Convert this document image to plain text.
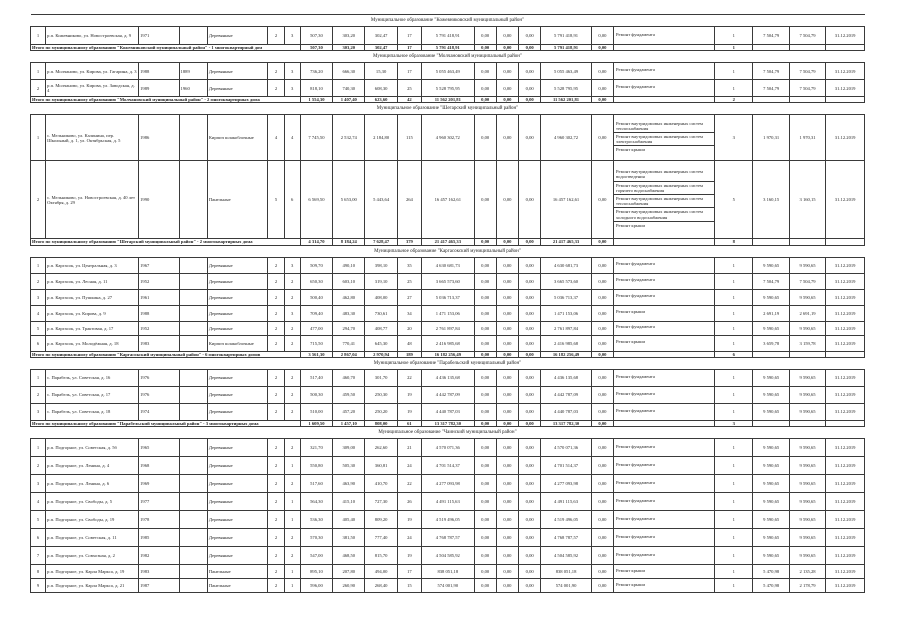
Муниципальное образование "Кожевниковский муниципальный район"																					
1	р.п. Кожевниково, ул. Новостроевская, д. 9	1971		Деревянные	2	3	507,30	303,20	302,47	17	5 791 418,91	0,00	0,00	0,00	5 791 418,91	0,00	Ремонт фундамента	1	7 504,79	7 504,79	31.12.2019
Итого по муниципальному образованию "Кожевниковский муниципальный район" - 1 многоквартирный дом							507,30	303,20	302,47	17	5 791 418,91	0,00	0,00	0,00	5 791 418,91	0,00		1			
Муниципальное образование "Молчановский муниципальный район"																					
1	р.п. Молчаново, ул. Кирова, ул. Гагарина, д. 3	1988	1889	Деревянные	2	3	736,20	666,30	15,30	17	5 055 463,49	0,00	0,00	0,00	5 055 463,49	0,00	Ремонт фундамента	1	7 504,79	7 504,79	31.12.2019
2	р.п. Молчаново, ул. Кирова, ул. Заводская, д. 4	1989	1960	Деревянные	2	3	818,10	740,30	608,30	25	5 528 795,95	0,00	0,00	0,00	5 528 795,95	0,00	Ремонт фундамента	1	7 504,79	7 504,79	31.12.2019
Итого по муниципальному образованию "Молчановский муниципальный район" - 2 многоквартирных дома							1 554,30	1 407,40	623,60	42	11 562 201,81	0,00	0,00	0,00	11 562 201,81	0,00		2			
Муниципальное образование "Шегарский муниципальный район"																					
1	с. Мельниково, ул. Калинина, пер. Школьный, д. 1, ул. Октябрьская, д. 5	1986		Кирпич шлакоблочные	4	4	7 745,50	2 532,74	2 184,80	115	4 960 302,72	0,00	0,00	0,00	4 960 302,72	0,00	Ремонт внутридомовых инженерных систем теплоснабжения
Ремонт внутридомовых инженерных систем электроснабжения
Ремонт крыши	3	1 970,31	1 970,31	31.12.2019
2	с. Мельниково, ул. Новостроевская, д. 40 лет Октября, д. 29	1990		Панельные	5	6	6 569,50	5 653,00	5 443,64	264	16 457 162,61	0,00	0,00	0,00	16 457 162,61	0,00	Ремонт внутридомовых инженерных систем водоотведения
Ремонт внутридомовых инженерных систем горячего водоснабжения
Ремонт внутридомовых инженерных систем теплоснабжения
Ремонт внутридомовых инженерных систем холодного водоснабжения
Ремонт крыши	5	3 160,15	3 160,15	31.12.2019
Итого по муниципальному образованию "Шегарский муниципальный район" - 2 многоквартирных дома							4 314,70	8 184,24	7 628,47	379	21 417 465,33	0,00	0,00	0,00	21 417 465,33	0,00		8			
Муниципальное образование "Каргасокский муниципальный район"																					
1	р.п. Каргасок, ул. Центральная, д. 3	1967		Деревянные	2	3	509,70	490,10	398,10	35	4 630 681,73	0,00	0,00	0,00	4 630 681,73	0,00	Ремонт фундамента	1	9 590,65	9 590,65	31.12.2019
2	р.п. Каргасок, ул. Лесная, д. 11	1952		Деревянные	2	2	650,30	603,10	319,10	25	3 665 573,60	0,00	0,00	0,00	3 665 573,60	0,00	Ремонт фундамента	1	7 504,79	7 504,79	31.12.2019
3	р.п. Каргасок, ул. Пушкина, д. 27	1961		Деревянные	2	2	500,40	462,80	408,00	27	5 036 713,37	0,00	0,00	0,00	5 036 713,37	0,00	Ремонт фундамента	1	9 590,65	9 590,65	31.12.2019
4	р.п. Каргасок, ул. Кирова, д. 9	1988		Деревянные	2	3	709,40	483,30	730,61	34	1 471 153,06	0,00	0,00	0,00	1 471 153,06	0,00	Ремонт крыши	1	2 691,19	2 691,19	31.12.2019
5	р.п. Каргасок, ул. Трактовая, д. 17	1952		Деревянные	2	2	477,00	294,70	408,77	20	2 761 897,84	0,00	0,00	0,00	2 761 897,84	0,00	Ремонт фундамента	1	9 590,65	9 590,65	31.12.2019
6	р.п. Каргасок, ул. Молодёжная, д. 18	1983		Кирпич шлакоблочные	2	2	715,50	770,41	645,30	48	2 416 985,68	0,00	0,00	0,00	2 416 985,68	0,00	Ремонт крыши	1	3 659,78	3 159,78	31.12.2019
Итого по муниципальному образованию "Каргасокский муниципальный район" - 6 многоквартирных домов							3 561,30	2 867,04	2 970,94	189	16 182 256,49	0,00	0,00	0,00	16 182 256,49	0,00		6			
Муниципальное образование "Парабельский муниципальный район"																					
1	с. Парабель, ул. Советская, д. 16	1976		Деревянные	2	2	517,40	460,70	301,70	22	4 436 135,68	0,00	0,00	0,00	4 436 135,68	0,00	Ремонт фундамента	1	9 590,65	9 590,65	31.12.2019
2	с. Парабель, ул. Советская, д. 17	1976		Деревянные	2	2	500,30	459,50	250,30	19	4 442 787,09	0,00	0,00	0,00	4 442 787,09	0,00	Ремонт фундамента	1	9 590,65	9 590,65	31.12.2019
3	с. Парабель, ул. Советская, д. 18	1974		Деревянные	2	2	510,00	457,20	250,20	19	4 440 787,03	0,00	0,00	0,00	4 440 787,03	0,00	Ремонт фундамента	1	9 590,65	9 590,65	31.12.2019
Итого по муниципальному образованию "Парабельский муниципальный район" - 3 многоквартирных дома							1 609,50	1 457,10	808,00	61	13 317 782,30	0,00	0,00	0,00	13 317 782,30	0,00		3			
Муниципальное образование "Чаинский муниципальный район"																					
1	р.п. Подгорное, ул. Советская, д. 5б	1965		Деревянные	2	2	321,70	309,00	262,60	21	4 570 071,36	0,00	0,00	0,00	4 570 071,36	0,00	Ремонт фундамента	1	9 590,65	9 590,65	31.12.2019
2	р.п. Подгорное, ул. Ленина, д. 4	1968		Деревянные	2	1	550,80	505,30	360,81	24	4 701 514,37	0,00	0,00	0,00	4 701 514,37	0,00	Ремонт фундамента	1	9 590,65	9 590,65	31.12.2019
3	р.п. Подгорное, ул. Ленина, д. 6	1969		Деревянные	2	2	517,60	463,90	410,70	22	4 277 093,98	0,00	0,00	0,00	4 277 093,98	0,00	Ремонт фундамента	1	9 590,65	9 590,65	31.12.2019
4	р.п. Подгорное, ул. Свободы, д. 5	1977		Деревянные	2	1	564,30	415,10	727,30	26	4 491 115,63	0,00	0,00	0,00	4 491 115,63	0,00	Ремонт фундамента	1	9 590,65	9 590,65	31.12.2019
5	р.п. Подгорное, ул. Свободы, д. 19	1978		Деревянные	2	1	536,30	405,40	809,20	19	4 519 496,05	0,00	0,00	0,00	4 519 496,05	0,00	Ремонт фундамента	1	9 590,65	9 590,65	31.12.2019
6	р.п. Подгорное, ул. Советская, д. 11	1985		Деревянные	2	2	570,30	381,50	777,40	24	4 768 787,57	0,00	0,00	0,00	4 768 787,57	0,00	Ремонт фундамента	1	9 590,65	9 590,65	31.12.2019
7	р.п. Подгорное, ул. Совхозная, д. 2	1982		Деревянные	2	2	547,00	468,50	815,70	19	4 504 585,92	0,00	0,00	0,00	4 504 585,92	0,00	Ремонт фундамента	1	9 590,65	9 590,65	31.12.2019
8	р.п. Подгорное, ул. Карла Маркса, д. 19	1983		Панельные	2	1	895,10	207,80	494,00	17	838 051,18	0,00	0,00	0,00	838 051,18	0,00	Ремонт крыши	1	5 470,98	2 135,28	31.12.2019
9	р.п. Подгорное, ул. Карла Маркса, д. 21	1987		Панельные	2	1	596,00	260,90	268,40	15	574 001,90	0,00	0,00	0,00	574 001,90	0,00	Ремонт крыши	1	5 470,98	2 178,79	31.12.2019
